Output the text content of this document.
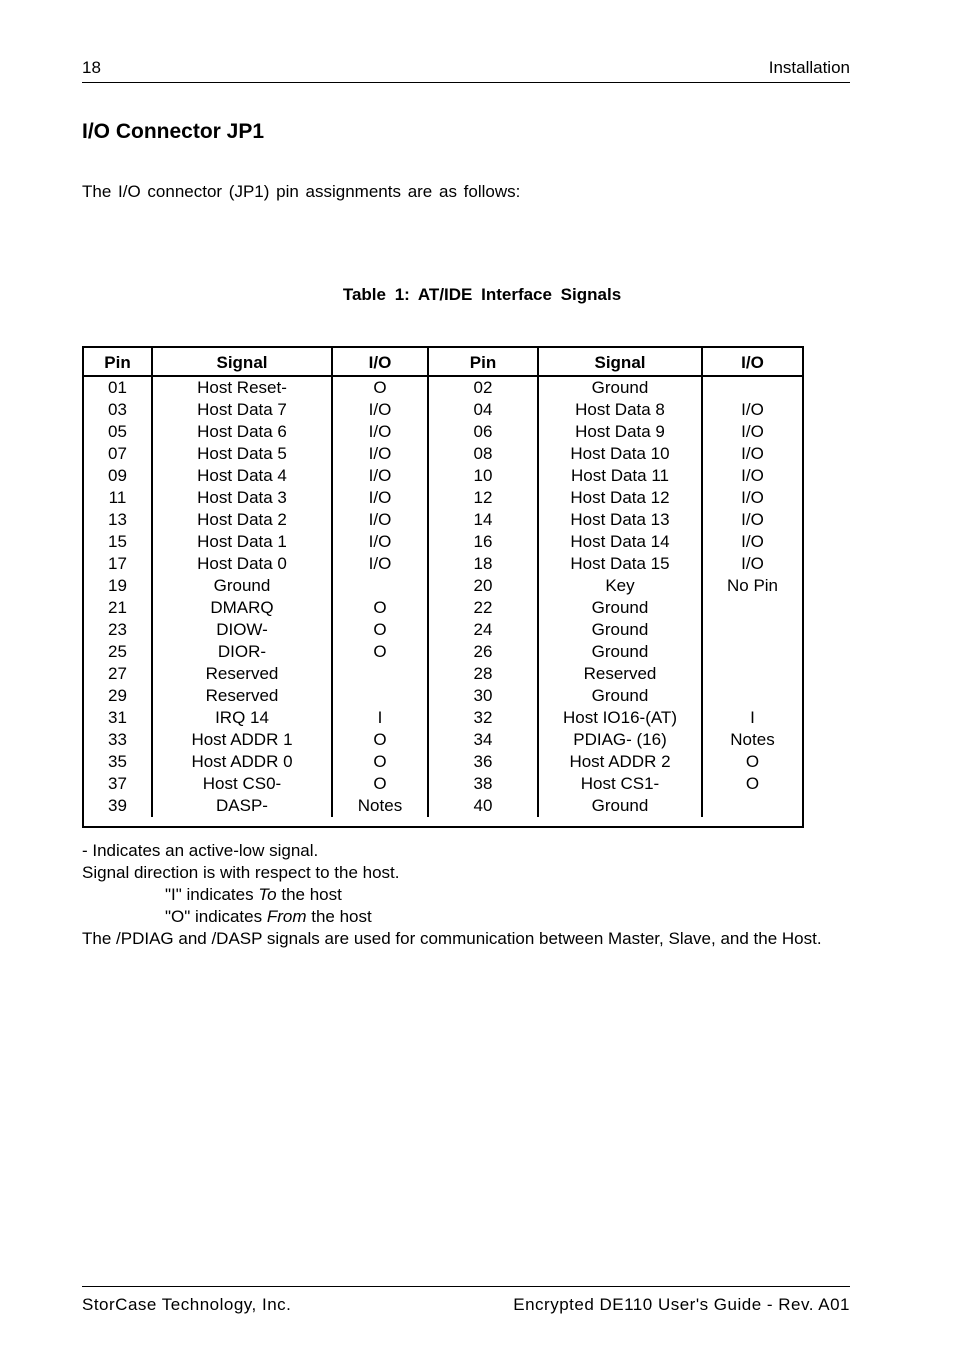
18	Installation
I/O Connector JP1
The I/O connector (JP1) pin assignments are as follows:
Table 1: AT/IDE Interface Signals
Pin	Signal	I/O	Pin	Signal	I/O
01	Host Reset-	O	02	Ground	
03	Host Data 7	I/O	04	Host Data 8	I/O
05	Host Data 6	I/O	06	Host Data 9	I/O
07	Host Data 5	I/O	08	Host Data 10	I/O
09	Host Data 4	I/O	10	Host Data 11	I/O
11	Host Data 3	I/O	12	Host Data 12	I/O
13	Host Data 2	I/O	14	Host Data 13	I/O
15	Host Data 1	I/O	16	Host Data 14	I/O
17	Host Data 0	I/O	18	Host Data 15	I/O
19	Ground		20	Key	No Pin
21	DMARQ	O	22	Ground	
23	DIOW-	O	24	Ground	
25	DIOR-	O	26	Ground	
27	Reserved		28	Reserved	
29	Reserved		30	Ground	
31	IRQ 14	I	32	Host IO16-(AT)	I
33	Host ADDR 1	O	34	PDIAG- (16)	Notes
35	Host ADDR 0	O	36	Host ADDR 2	O
37	Host CS0-	O	38	Host CS1-	O
39	DASP-	Notes	40	Ground	

- Indicates an active-low signal.

Signal direction is with respect to the host.

"I" indicates To the host

"O" indicates From the host

The /PDIAG and /DASP signals are used for communication between Master, Slave, and the Host.

StorCase Technology, Inc.	Encrypted DE110 User's Guide - Rev. A01
